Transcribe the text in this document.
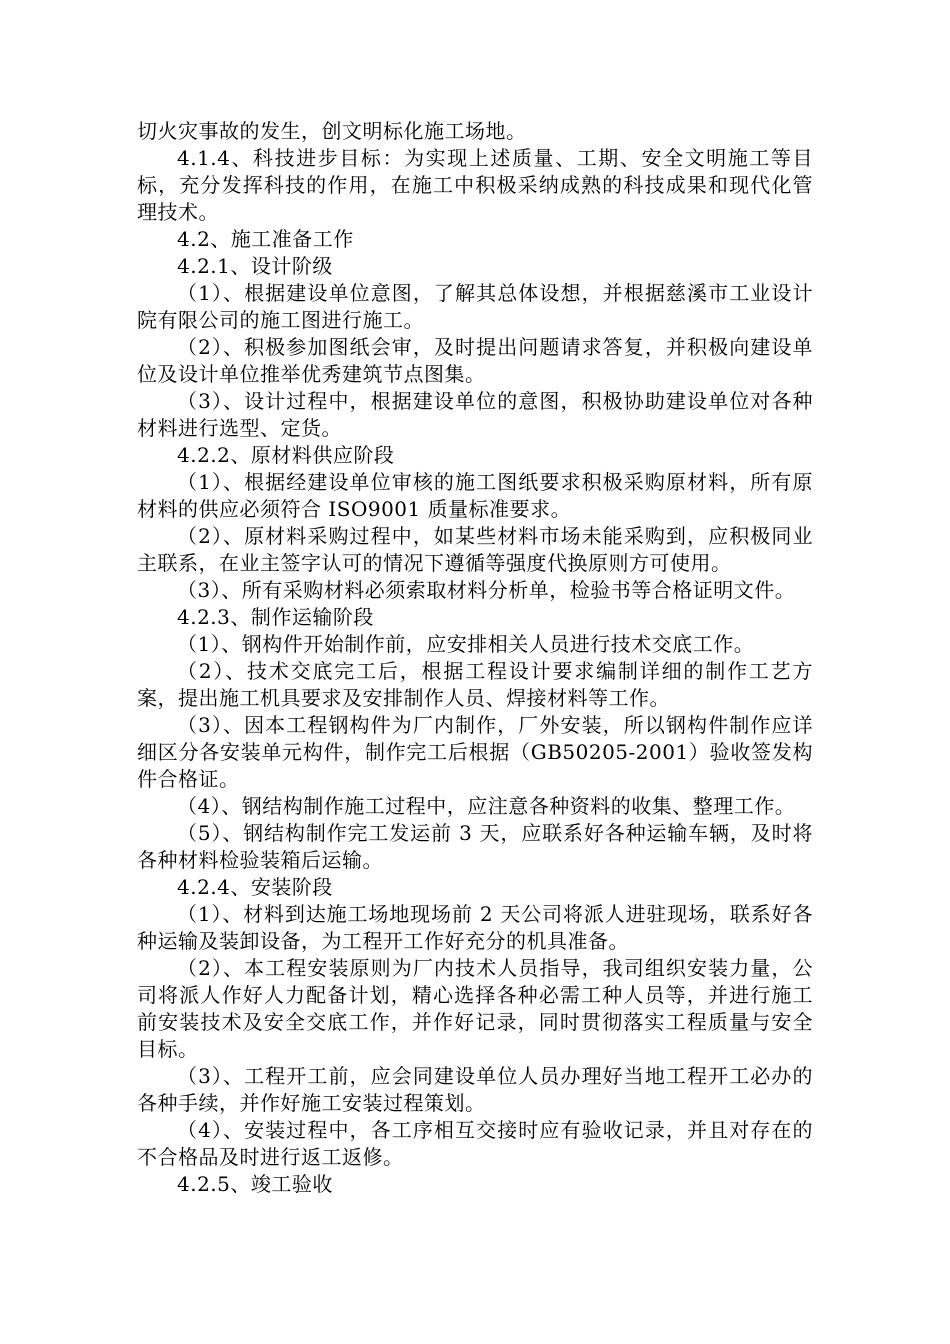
切火灾事故的发生，创文明标化施工场地。

4.1.4、科技进步目标：为实现上述质量、工期、安全文明施工等目标，充分发挥科技的作用，在施工中积极采纳成熟的科技成果和现代化管理技术。

4.2、施工准备工作

4.2.1、设计阶级

（1）、根据建设单位意图，了解其总体设想，并根据慈溪市工业设计院有限公司的施工图进行施工。

（2）、积极参加图纸会审，及时提出问题请求答复，并积极向建设单位及设计单位推举优秀建筑节点图集。

（3）、设计过程中，根据建设单位的意图，积极协助建设单位对各种材料进行选型、定货。

4.2.2、原材料供应阶段

（1）、根据经建设单位审核的施工图纸要求积极采购原材料，所有原材料的供应必须符合 ISO9001 质量标准要求。

（2）、原材料采购过程中，如某些材料市场未能采购到，应积极同业主联系，在业主签字认可的情况下遵循等强度代换原则方可使用。

（3）、所有采购材料必须索取材料分析单，检验书等合格证明文件。

4.2.3、制作运输阶段

（1）、钢构件开始制作前，应安排相关人员进行技术交底工作。

（2）、技术交底完工后，根据工程设计要求编制详细的制作工艺方案，提出施工机具要求及安排制作人员、焊接材料等工作。

（3）、因本工程钢构件为厂内制作，厂外安装，所以钢构件制作应详细区分各安装单元构件，制作完工后根据（GB50205-2001）验收签发构件合格证。

（4）、钢结构制作施工过程中，应注意各种资料的收集、整理工作。

（5）、钢结构制作完工发运前 3 天，应联系好各种运输车辆，及时将各种材料检验装箱后运输。

4.2.4、安装阶段

（1）、材料到达施工场地现场前 2 天公司将派人进驻现场，联系好各种运输及装卸设备，为工程开工作好充分的机具准备。

（2）、本工程安装原则为厂内技术人员指导，我司组织安装力量，公司将派人作好人力配备计划，精心选择各种必需工种人员等，并进行施工前安装技术及安全交底工作，并作好记录，同时贯彻落实工程质量与安全目标。

（3）、工程开工前，应会同建设单位人员办理好当地工程开工必办的各种手续，并作好施工安装过程策划。

（4）、安装过程中，各工序相互交接时应有验收记录，并且对存在的不合格品及时进行返工返修。

4.2.5、竣工验收
